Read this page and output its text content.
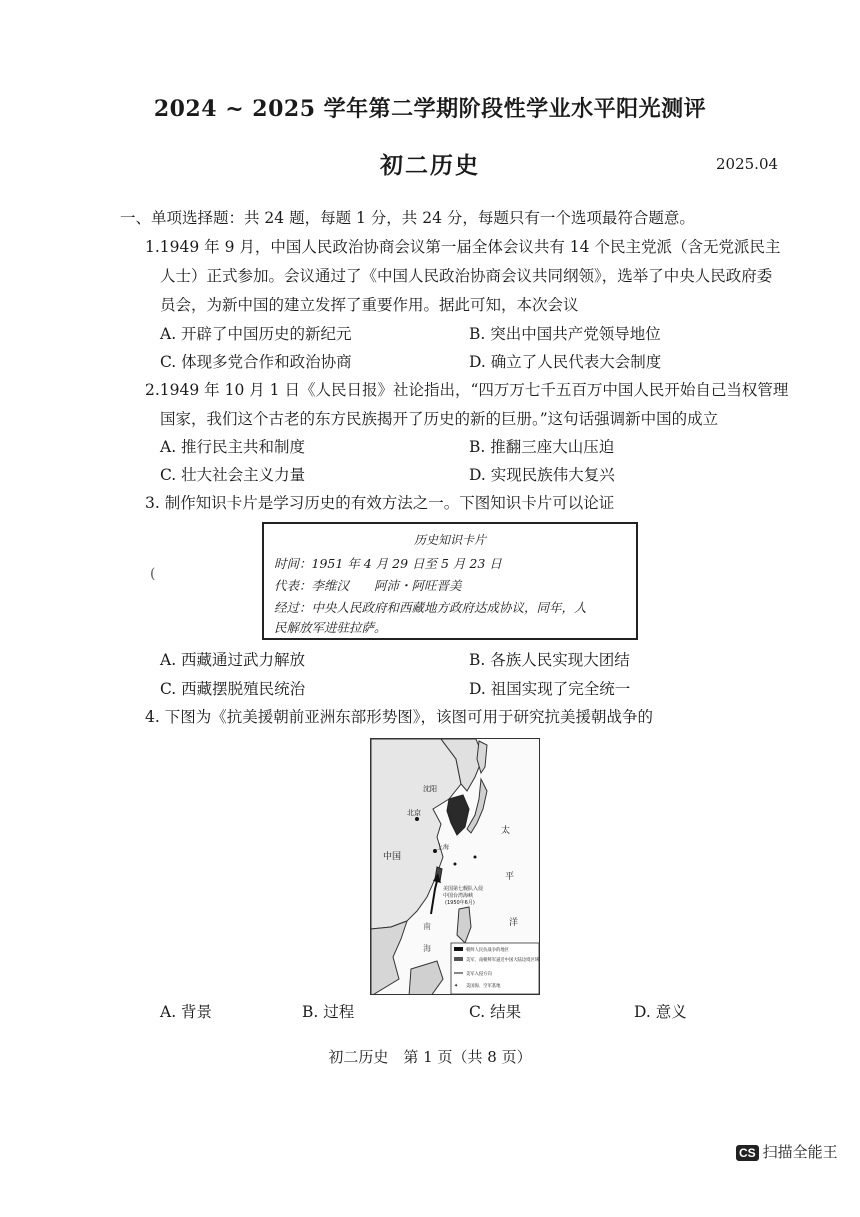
2024 ~ 2025 学年第二学期阶段性学业水平阳光测评
初二历史	2025.04
一、单项选择题：共 24 题，每题 1 分，共 24 分，每题只有一个选项最符合题意。
1.1949 年 9 月，中国人民政治协商会议第一届全体会议共有 14 个民主党派（含无党派民主
人士）正式参加。会议通过了《中国人民政治协商会议共同纲领》，选举了中央人民政府委
员会，为新中国的建立发挥了重要作用。据此可知，本次会议
A. 开辟了中国历史的新纪元	B. 突出中国共产党领导地位
C. 体现多党合作和政治协商	D. 确立了人民代表大会制度
2.1949 年 10 月 1 日《人民日报》社论指出，“四万万七千五百万中国人民开始自己当权管理
国家，我们这个古老的东方民族揭开了历史的新的巨册。”这句话强调新中国的成立
A. 推行民主共和制度	B. 推翻三座大山压迫
C. 壮大社会主义力量	D. 实现民族伟大复兴
3. 制作知识卡片是学习历史的有效方法之一。下图知识卡片可以论证
历史知识卡片
时间：1951 年 4 月 29 日至 5 月 23 日
代表：李维汉　　阿沛・阿旺晋美
经过：中央人民政府和西藏地方政府达成协议，同年，人
民解放军进驻拉萨。
(
A. 西藏通过武力解放	B. 各族人民实现大团结
C. 西藏摆脱殖民统治	D. 祖国实现了完全统一
4. 下图为《抗美援朝前亚洲东部形势图》，该图可用于研究抗美援朝战争的
沈阳
北京
中国
上海
太
平
洋
南
海
美国第七舰队入侵
中国台湾海峡
(1950年6月)
朝鲜人民抗战争的地区
美军、南朝鲜军逼近中国大陆边境区域
美军入侵方向
✦ 美国海、空军基地
A. 背景	B. 过程	C. 结果	D. 意义
初二历史　第 1 页（共 8 页）
CS 扫描全能王
